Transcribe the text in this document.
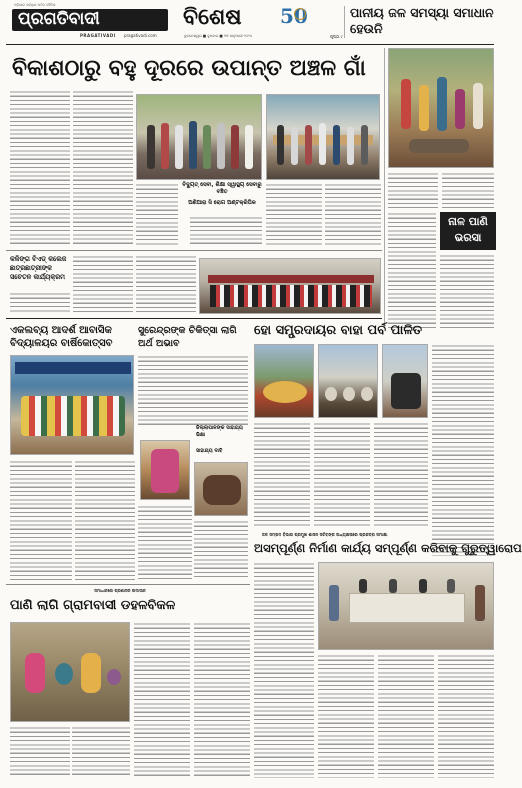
ଓଡ଼ିଶାର ସର୍ବାଧିକ ପଠିତ ଦୈନିକ
ପ୍ରଗତିବାଦୀ
PRAGATIVADI pragativadi.com
ବିଶେଷ 50
ଭୁବନେଶ୍ୱର ■ ବୁଧବାର ■ ୩୧ ଜାନୁଆରୀ ୨୦୨୪	ପୃଷ୍ଠା ୯
ପାନୀୟ ଜଳ ସମସ୍ୟା ସମାଧାନ ହେଉନି
ବିକାଶଠାରୁ ବହୁ ଦୂରରେ ଉପାନ୍ତ ଅଞ୍ଚଳ ଗାଁ
ବିଦ୍ୟୁତ୍‌ ସେବା, ଶିକ୍ଷା ସ୍ୱାସ୍ଥ୍ୟ ସେବାରୁ ବଞ୍ଚିତ
ଅଣିଆରା ସି ରୋଗ ଅଣ୍ଟକ୍ରିପିକ
ନାଳ ପାଣି ଭରସା
କଳିଙ୍ଗ ବିଏଡ୍‌ କଲେଜ ଛାତ୍ରଛାତ୍ରୀଙ୍କ ସଚେତନ କାର୍ଯ୍ୟକ୍ରମ
ଏକଲବ୍ୟ ଆଦର୍ଶ ଆବାସିକ ବିଦ୍ୟାଳୟର ବାର୍ଷିକୋତ୍ସବ
ସୁରେନ୍ଦ୍ରଙ୍କ ଚିକିତ୍ସା ଲାଗି ଅର୍ଥ ଅଭାବ
ହୋ ସମ୍ପ୍ରଦାୟର ବାହା ପର୍ବ ପାଳିତ
ଜିଲ୍ଲାପାଳଙ୍କ ସାହାଯ୍ୟ ଭିକ୍ଷା
ସାହାଯ୍ୟ ଦାବି
ଜଳ ସମ୍ପଦ ବିଭାଗ ପ୍ରମୁଖ ଶାସନ ସଚିବଙ୍କ ଅଧ୍ୟକ୍ଷତାରେ ପ୍ରକଳ୍ପ ସମୀକ୍ଷା
ଅସମ୍ପୂର୍ଣ୍ଣ ନିର୍ମାଣ କାର୍ଯ୍ୟ ସମ୍ପୂର୍ଣ୍ଣ କରିବାକୁ ଗୁରୁତ୍ୱାରୋପ
ସମାଧାନରେ ପ୍ରଶାସନ ଉଦାସୀନ
ପାଣି ଲାଗି ଗ୍ରାମବାସୀ ଡହଳବିକଳ
